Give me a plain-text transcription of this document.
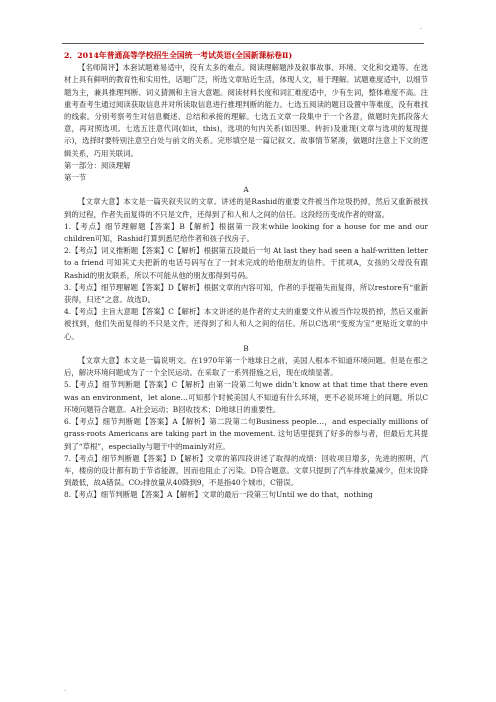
.

2．2014年普通高等学校招生全国统一考试英语(全国新课标卷Ⅱ)

【名师简评】本套试题难易适中，没有太多的难点。阅读理解题涉及叙事故事、环境、文化和交通等。在选材上具有鲜明的教育性和实用性，话题广泛，所选文章贴近生活，体现人文，易于理解。试题难度适中，以细节题为主，兼具推理判断、词义猜测和主旨大意题。阅读材料长度和词汇难度适中，少有生词，整体难度不高。注重考查考生通过阅读获取信息并对所读取信息进行推理判断的能力。七选五阅读的题目设置中等难度，没有难找的线索。分别考察考生对信息概述、总结和承接的理解。七选五文章一段集中于一个各意，做题时先抓段落大意，再对照选项。七选五注意代词(如it，this)，选项的句内关系(如因果、转折)及重现(文章与选项的复现提示)，选择时要特别注意空白处与前文的关系。完形填空是一篇记叙文。故事情节紧凑，做题时注意上下文的逻辑关系，巧用关联词。

第一部分：阅读理解

第一节

A

【文章大意】本文是一篇夹叙夹议的文章。讲述的是Rashid的重要文件被当作垃圾扔掉，然后又重新被找到的过程，作者失而复得的不只是文件，还得到了和人和人之间的信任。这段经历变成作者的财富。

1.【考点】细节理解题【答案】B【解析】根据第一段末while looking for a house for me and our children可知，Rashid打算到悉尼给作者和孩子找房子。

2.【考点】词义推断题【答案】C【解析】根据第五段最后一句 At last they had seen a half-written letter to a friend 可知其丈夫把新的电话号码写在了一封未完成的给他朋友的信件。干扰项A，女孩的父母没有跟Rashid的朋友联系，所以不可能从他的朋友那得到号码。

3.【考点】细节理解题【答案】D【解析】根据文章的内容可知，作者的手提箱失而复得，所以restore有“重新获得，归还”之意。故选D。

4.【考点】主旨大意题【答案】C【解析】本文讲述的是作者的丈夫的重要文件从被当作垃圾扔掉，然后又重新被找到，他们失而复得的不只是文件，还得到了和人和人之间的信任。所以C选项“变废为宝”更贴近文章的中心。

B

【文章大意】本文是一篇说明文。在1970年第一个地球日之前，美国人根本不知道环境问题。但是在那之后，解决环境问题成为了一个全民运动。在采取了一系列措施之后，现在成绩显著。

5.【考点】细节判断题【答案】C【解析】由第一段第二句we didn’t know at that time that there even was an environment，let alone…可知那个时候美国人不知道有什么环境，更不必说环境上的问题。所以C环境问题符合题意。A社会运动；B回收技术；D地球日的重要性。

6.【考点】细节判断题【答案】A【解析】第二段第二句Business people…，and especially millions of grass-roots Americans are taking part in the movement. 这句话里提到了好多的参与者，但最后尤其提到了“草根”，especially与题干中的mainly对应。

7.【考点】细节判断题【答案】D【解析】文章的第四段讲述了取得的成绩：回收项目增多，先进的照明，汽车，楼房的设计都有助于节省能源，因而也阻止了污染。D符合题意。文章只提到了汽车排放量减少，但未说降到最低，故A错误。CO₂排放量从40降到9，不是指40个城市，C错误。

8.【考点】细节判断题【答案】A【解析】文章的最后一段第三句Until we do that，nothing

.
